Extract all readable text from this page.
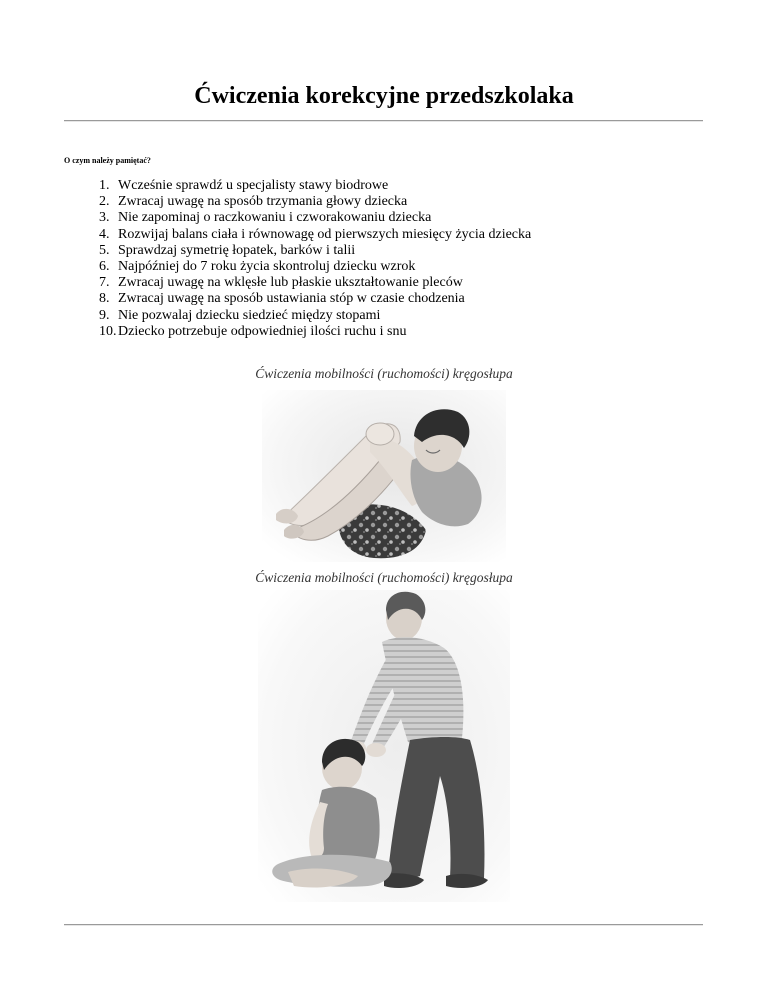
Ćwiczenia korekcyjne przedszkolaka

O czym należy pamiętać?

1. Wcześnie sprawdź u specjalisty stawy biodrowe
2. Zwracaj uwagę na sposób trzymania głowy dziecka
3. Nie zapominaj o raczkowaniu i czworakowaniu dziecka
4. Rozwijaj balans ciała i równowagę od pierwszych miesięcy życia dziecka
5. Sprawdzaj symetrię łopatek, barków i talii
6. Najpóźniej do 7 roku życia skontroluj dziecku wzrok
7. Zwracaj uwagę na wklęsłe lub płaskie ukształtowanie pleców
8. Zwracaj uwagę na sposób ustawiania stóp w czasie chodzenia
9. Nie pozwalaj dziecku siedzieć między stopami
10. Dziecko potrzebuje odpowiedniej ilości ruchu i snu

Ćwiczenia mobilności (ruchomości) kręgosłupa

Ćwiczenia mobilności (ruchomości) kręgosłupa
